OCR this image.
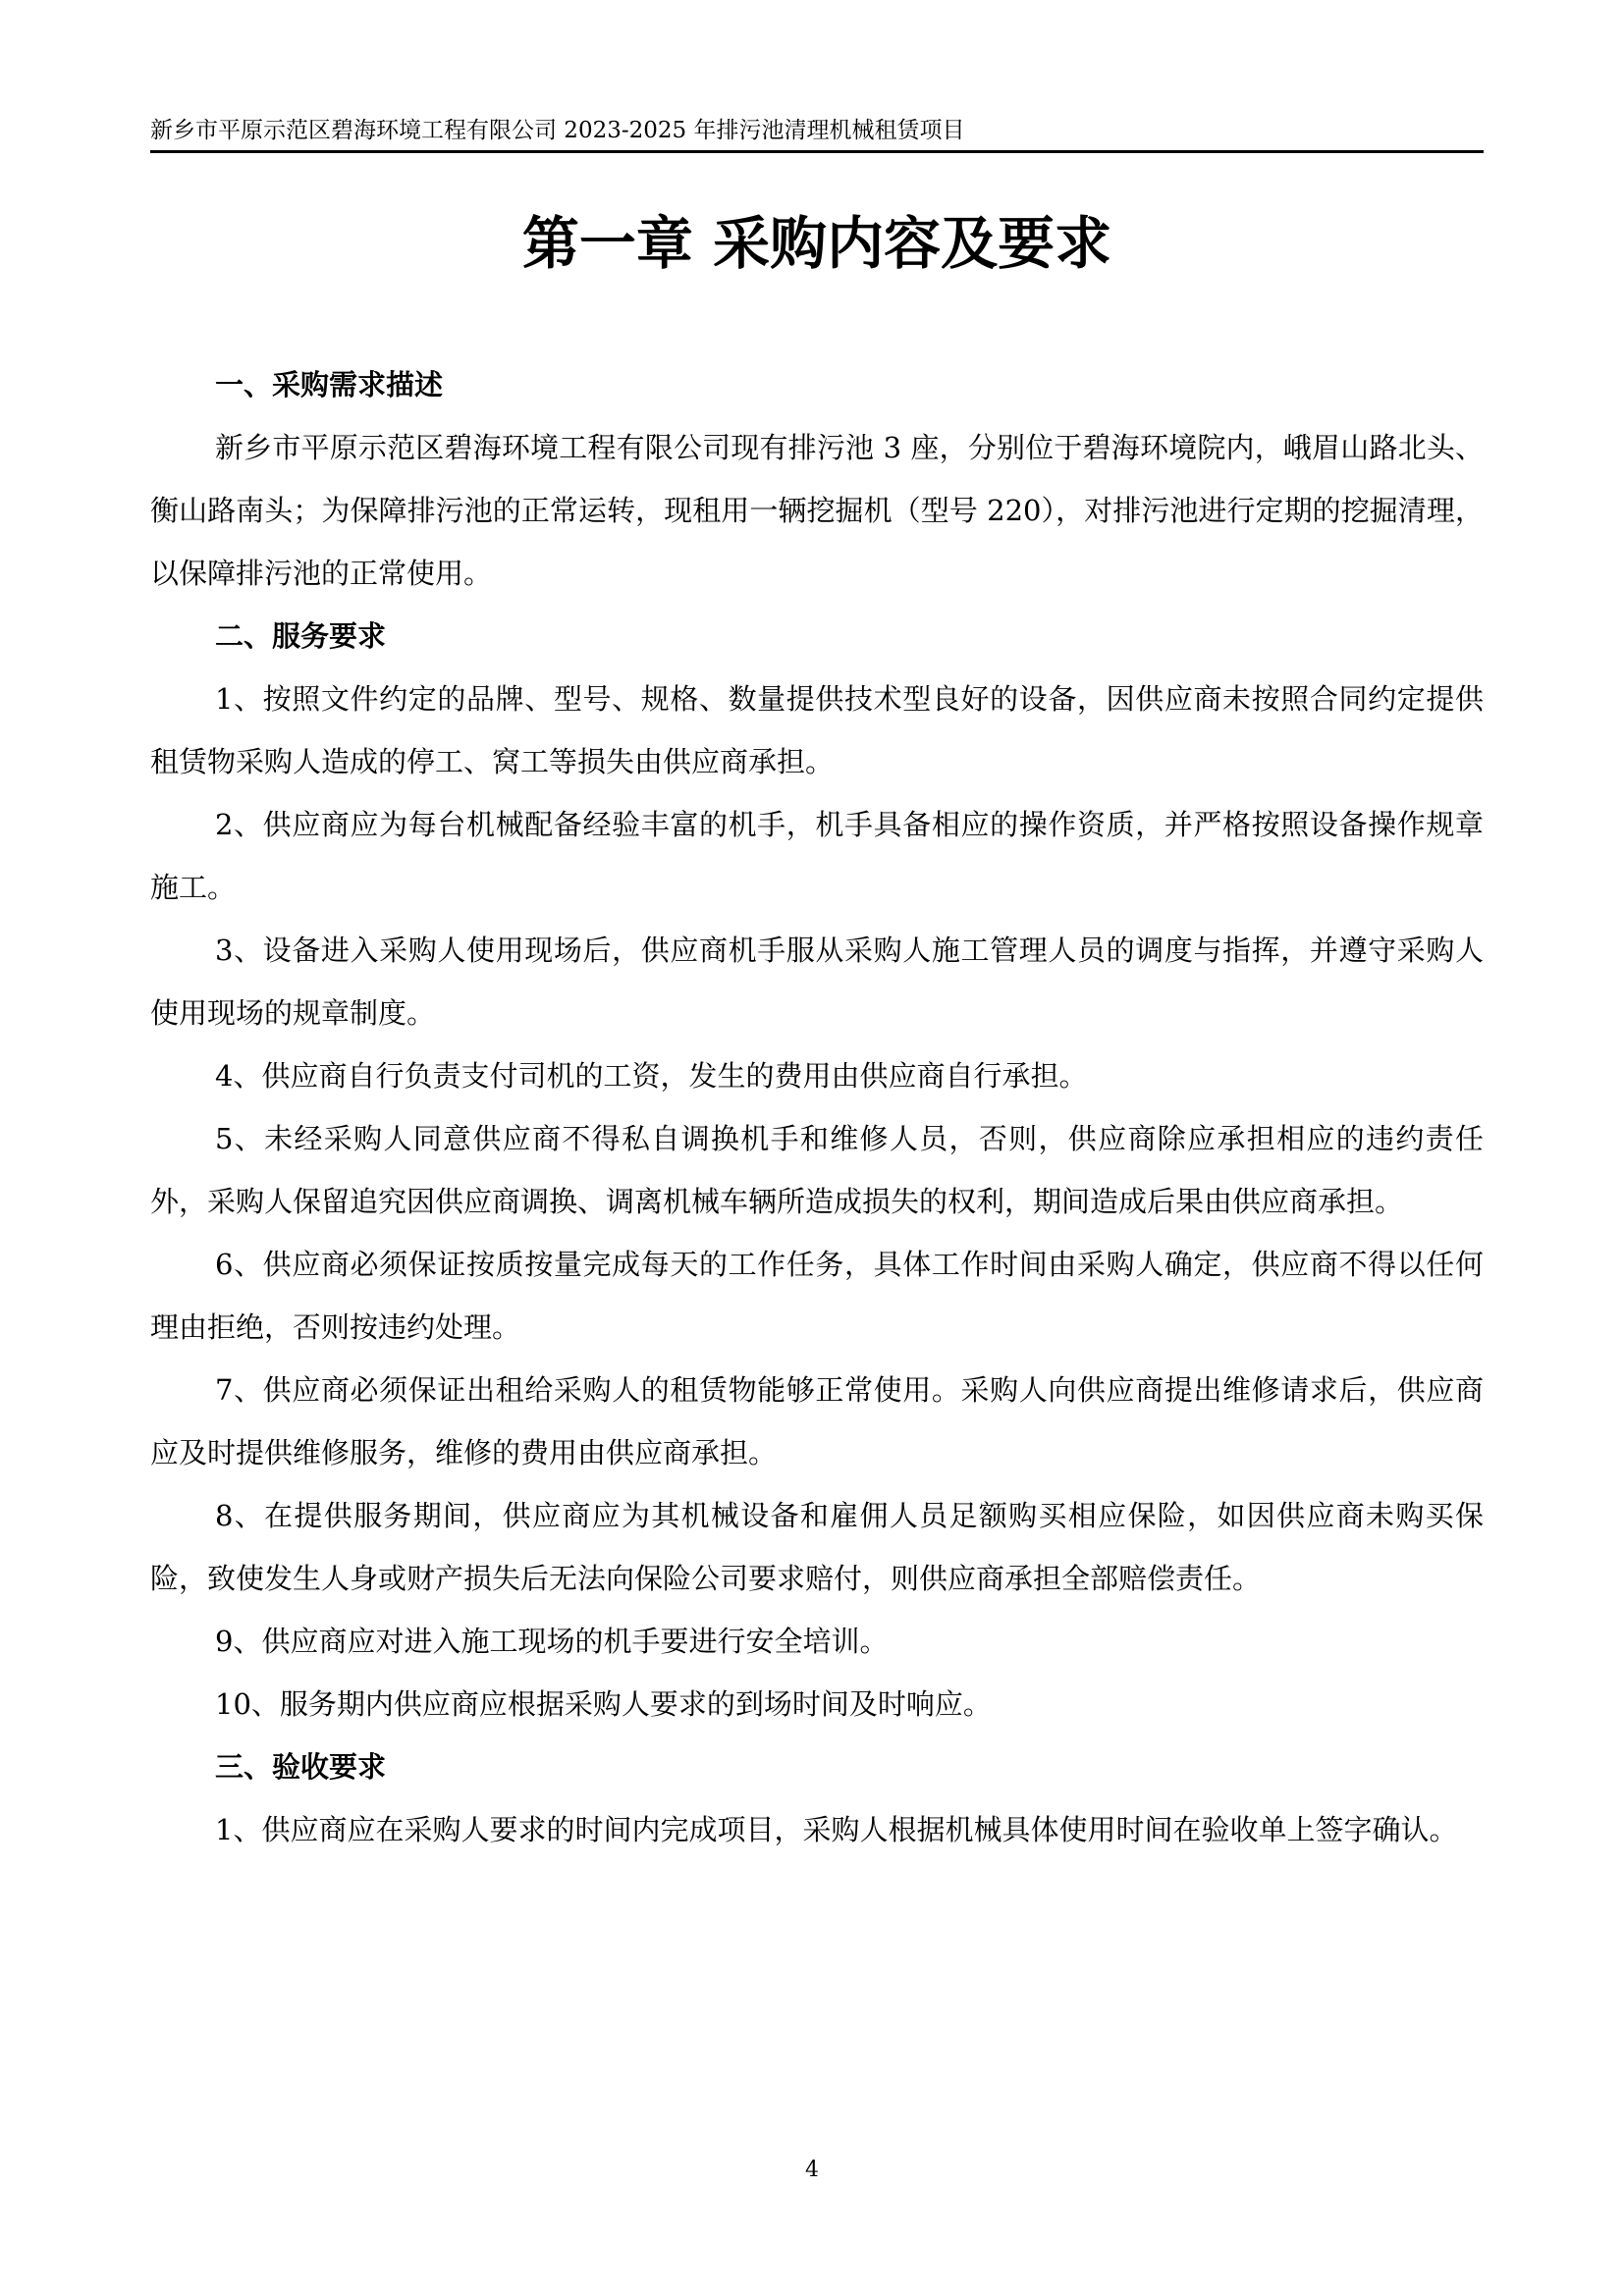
新乡市平原示范区碧海环境工程有限公司 2023-2025 年排污池清理机械租赁项目
第一章 采购内容及要求

一、采购需求描述

新乡市平原示范区碧海环境工程有限公司现有排污池 3 座，分别位于碧海环境院内，峨眉山路北头、衡山路南头；为保障排污池的正常运转，现租用一辆挖掘机（型号 220），对排污池进行定期的挖掘清理，以保障排污池的正常使用。

二、服务要求

1、按照文件约定的品牌、型号、规格、数量提供技术型良好的设备，因供应商未按照合同约定提供租赁物采购人造成的停工、窝工等损失由供应商承担。

2、供应商应为每台机械配备经验丰富的机手，机手具备相应的操作资质，并严格按照设备操作规章施工。

3、设备进入采购人使用现场后，供应商机手服从采购人施工管理人员的调度与指挥，并遵守采购人使用现场的规章制度。

4、供应商自行负责支付司机的工资，发生的费用由供应商自行承担。

5、未经采购人同意供应商不得私自调换机手和维修人员，否则，供应商除应承担相应的违约责任外，采购人保留追究因供应商调换、调离机械车辆所造成损失的权利，期间造成后果由供应商承担。

6、供应商必须保证按质按量完成每天的工作任务，具体工作时间由采购人确定，供应商不得以任何理由拒绝，否则按违约处理。

7、供应商必须保证出租给采购人的租赁物能够正常使用。采购人向供应商提出维修请求后，供应商应及时提供维修服务，维修的费用由供应商承担。

8、在提供服务期间，供应商应为其机械设备和雇佣人员足额购买相应保险，如因供应商未购买保险，致使发生人身或财产损失后无法向保险公司要求赔付，则供应商承担全部赔偿责任。

9、供应商应对进入施工现场的机手要进行安全培训。

10、服务期内供应商应根据采购人要求的到场时间及时响应。

三、验收要求

1、供应商应在采购人要求的时间内完成项目，采购人根据机械具体使用时间在验收单上签字确认。

4
